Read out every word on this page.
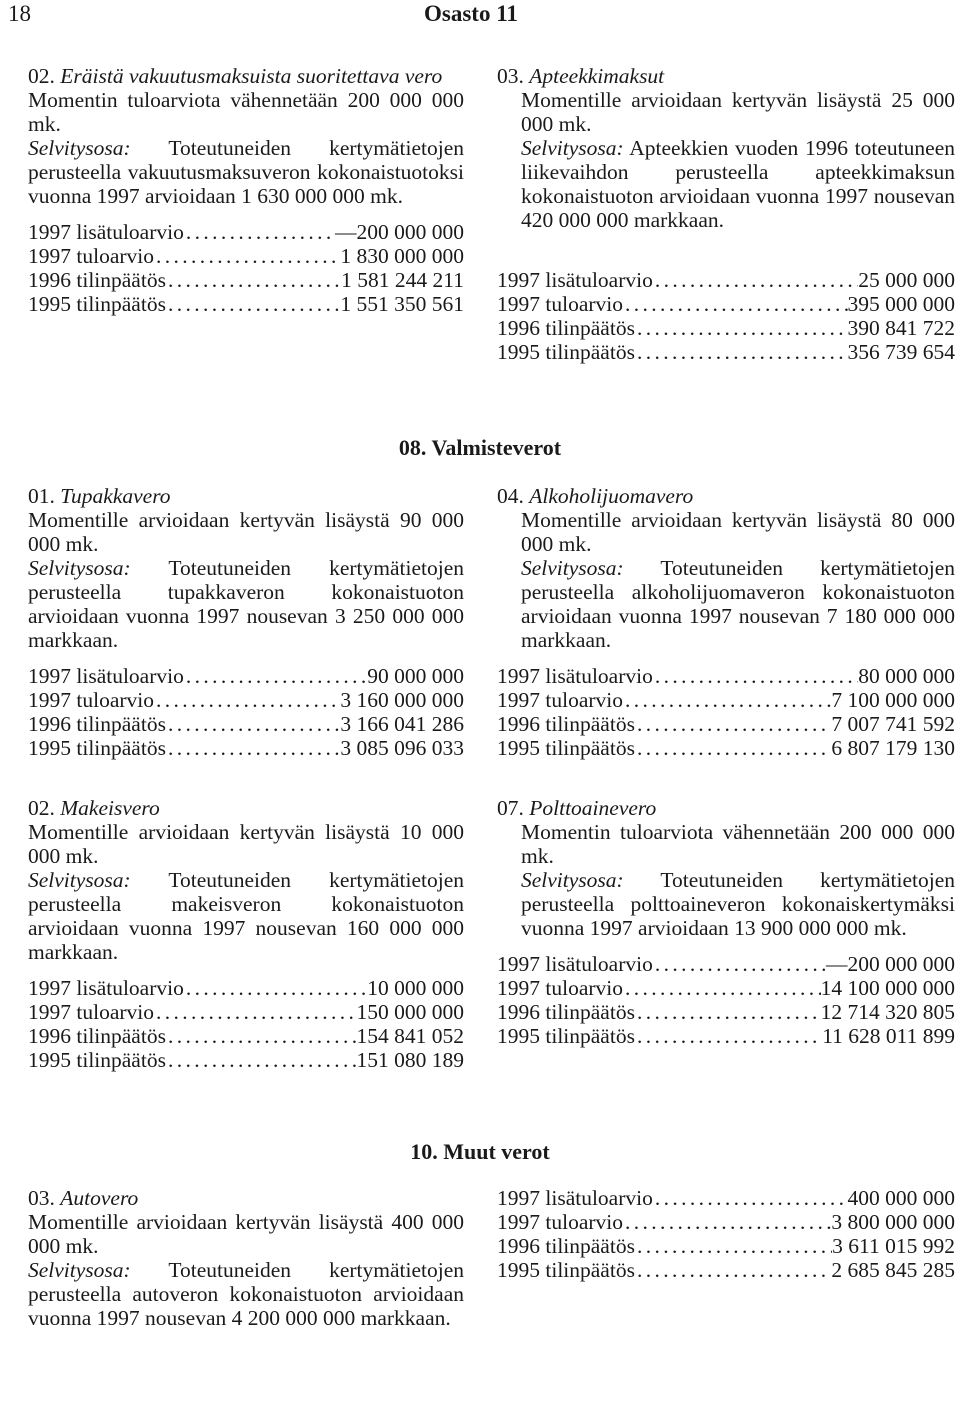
18	Osasto 11

02. Eräistä vakuutusmaksuista suoritettava vero

Momentin tuloarviota vähennetään 200 000 000 mk.

Selvitysosa: Toteutuneiden kertymätietojen perusteella vakuutusmaksuveron kokonaistuotoksi vuonna 1997 arvioidaan 1 630 000 000 mk.

1997 lisätuloarvio . . .	—200 000 000
1997 tuloarvio . . .	1 830 000 000
1996 tilinpäätös . . .	1 581 244 211
1995 tilinpäätös . . .	1 551 350 561

03. Apteekkimaksut

Momentille arvioidaan kertyvän lisäystä 25 000 000 mk.

Selvitysosa: Apteekkien vuoden 1996 toteutuneen liikevaihdon perusteella apteekkimaksun kokonaistuoton arvioidaan vuonna 1997 nousevan 420 000 000 markkaan.

1997 lisätuloarvio . . .	25 000 000
1997 tuloarvio . . .	395 000 000
1996 tilinpäätös . . .	390 841 722
1995 tilinpäätös . . .	356 739 654
08. Valmisteverot

01. Tupakkavero

Momentille arvioidaan kertyvän lisäystä 90 000 000 mk.

Selvitysosa: Toteutuneiden kertymätietojen perusteella tupakkaveron kokonaistuoton arvioidaan vuonna 1997 nousevan 3 250 000 000 markkaan.

1997 lisätuloarvio . . .	90 000 000
1997 tuloarvio . . .	3 160 000 000
1996 tilinpäätös . . .	3 166 041 286
1995 tilinpäätös . . .	3 085 096 033

04. Alkoholijuomavero

Momentille arvioidaan kertyvän lisäystä 80 000 000 mk.

Selvitysosa: Toteutuneiden kertymätietojen perusteella alkoholijuomaveron kokonaistuoton arvioidaan vuonna 1997 nousevan 7 180 000 000 markkaan.

1997 lisätuloarvio . . .	80 000 000
1997 tuloarvio . . .	7 100 000 000
1996 tilinpäätös . . .	7 007 741 592
1995 tilinpäätös . . .	6 807 179 130

02. Makeisvero

Momentille arvioidaan kertyvän lisäystä 10 000 000 mk.

Selvitysosa: Toteutuneiden kertymätietojen perusteella makeisveron kokonaistuoton arvioidaan vuonna 1997 nousevan 160 000 000 markkaan.

1997 lisätuloarvio . . .	10 000 000
1997 tuloarvio . . .	150 000 000
1996 tilinpäätös . . .	154 841 052
1995 tilinpäätös . . .	151 080 189

07. Polttoainevero

Momentin tuloarviota vähennetään 200 000 000 mk.

Selvitysosa: Toteutuneiden kertymätietojen perusteella polttoaineveron kokonaiskertymäksi vuonna 1997 arvioidaan 13 900 000 000 mk.

1997 lisätuloarvio . . .	—200 000 000
1997 tuloarvio . . .	14 100 000 000
1996 tilinpäätös . . .	12 714 320 805
1995 tilinpäätös . . .	11 628 011 899
10. Muut verot

03. Autovero

Momentille arvioidaan kertyvän lisäystä 400 000 000 mk.

Selvitysosa: Toteutuneiden kertymätietojen perusteella autoveron kokonaistuoton arvioidaan vuonna 1997 nousevan 4 200 000 000 markkaan.

1997 lisätuloarvio . . .	400 000 000
1997 tuloarvio . . .	3 800 000 000
1996 tilinpäätös . . .	3 611 015 992
1995 tilinpäätös . . .	2 685 845 285
